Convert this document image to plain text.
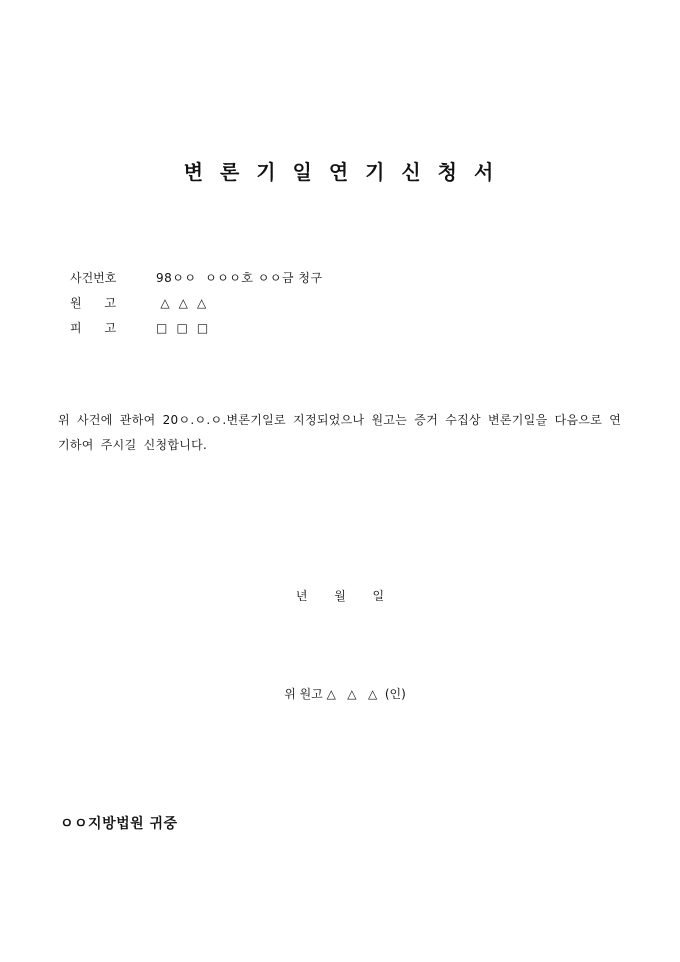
변 론 기 일 연 기 신 청 서
사건번호	98ㅇㅇ  ㅇㅇㅇ호 ㅇㅇ금 청구
원      고	△  △  △
피      고	□  □  □
위 사건에 관하여 20ㅇ.ㅇ.ㅇ.변론기일로 지정되었으나 원고는 증거 수집상 변론기일을 다음으로 연기하여 주시길 신청합니다.
년       월       일
위 원고 △   △   △  (인)
ㅇㅇ지방법원 귀중
